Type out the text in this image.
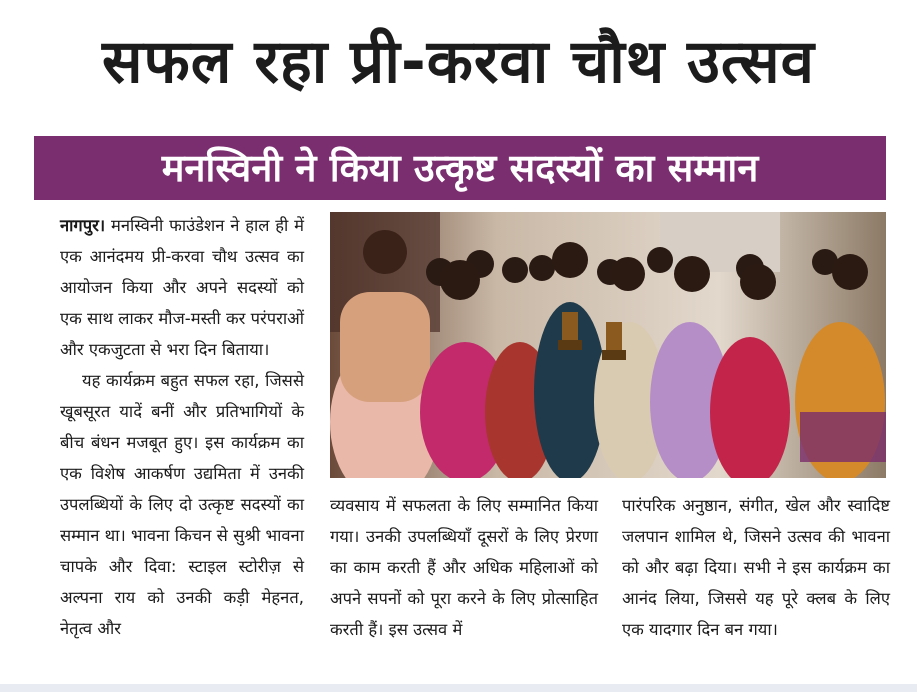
सफल रहा प्री-करवा चौथ उत्सव
मनस्विनी ने किया उत्कृष्ट सदस्यों का सम्मान

नागपुर। मनस्विनी फाउंडेशन ने हाल ही में एक आनंदमय प्री-करवा चौथ उत्सव का आयोजन किया और अपने सदस्यों को एक साथ लाकर मौज-मस्ती कर परंपराओं और एकजुटता से भरा दिन बिताया।

यह कार्यक्रम बहुत सफल रहा, जिससे खूबसूरत यादें बनीं और प्रतिभागियों के बीच बंधन मजबूत हुए। इस कार्यक्रम का एक विशेष आकर्षण उद्यमिता में उनकी उपलब्धियों के लिए दो उत्कृष्ट सदस्यों का सम्मान था। भावना किचन से सुश्री भावना चापके और दिवा: स्टाइल स्टोरीज़ से अल्पना राय को उनकी कड़ी मेहनत, नेतृत्व और

व्यवसाय में सफलता के लिए सम्मानित किया गया। उनकी उपलब्धियाँ दूसरों के लिए प्रेरणा का काम करती हैं और अधिक महिलाओं को अपने सपनों को पूरा करने के लिए प्रोत्साहित करती हैं। इस उत्सव में

पारंपरिक अनुष्ठान, संगीत, खेल और स्वादिष्ट जलपान शामिल थे, जिसने उत्सव की भावना को और बढ़ा दिया। सभी ने इस कार्यक्रम का आनंद लिया, जिससे यह पूरे क्लब के लिए एक यादगार दिन बन गया।
